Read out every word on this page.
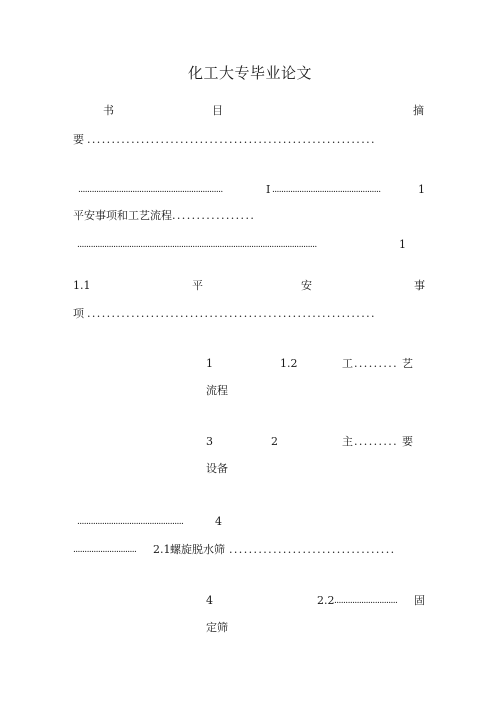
化工大专毕业论文
书	目	摘
要 ...........................................................
................................................................	I ................................................	1
平安事项和工艺流程 .................
..........................................................................................................	1
1.1	平	安	事
项 ...........................................................
1	1.2	工 ......... 艺
流程
3	2	主 ......... 要
设备
...............................................	4
............................ 2.1 螺旋脱水筛 ..................................
4	2.2 ............................ 固
定筛
